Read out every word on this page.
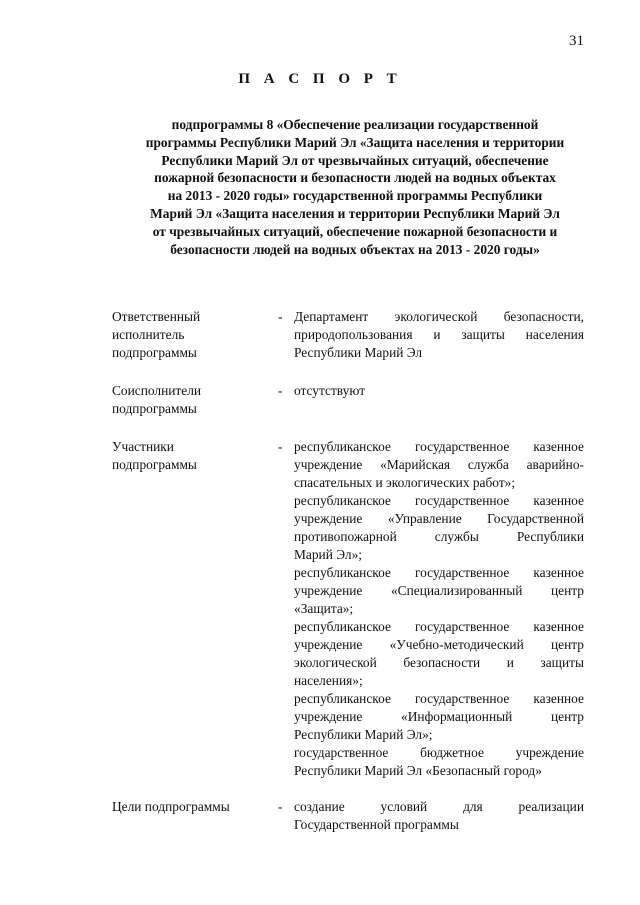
31
П А С П О Р Т
подпрограммы 8 «Обеспечение реализации государственной
программы Республики Марий Эл «Защита населения и территории
Республики Марий Эл от чрезвычайных ситуаций, обеспечение
пожарной безопасности и безопасности людей на водных объектах
на 2013 - 2020 годы» государственной программы Республики
Марий Эл «Защита населения и территории Республики Марий Эл
от чрезвычайных ситуаций, обеспечение пожарной безопасности и
безопасности людей на водных объектах на 2013 - 2020 годы»
Ответственный
исполнитель
подпрограммы
- Департамент экологической безопасности,
природопользования и защиты населения
Республики Марий Эл
Соисполнители
подпрограммы
- отсутствуют
Участники
подпрограммы
- республиканское государственное казенное
учреждение «Марийская служба аварийно-
спасательных и экологических работ»;
республиканское государственное казенное
учреждение «Управление Государственной
противопожарной службы Республики
Марий Эл»;
республиканское государственное казенное
учреждение «Специализированный центр
«Защита»;
республиканское государственное казенное
учреждение «Учебно-методический центр
экологической безопасности и защиты
населения»;
республиканское государственное казенное
учреждение «Информационный центр
Республики Марий Эл»;
государственное бюджетное учреждение
Республики Марий Эл «Безопасный город»
Цели подпрограммы	- создание условий для реализации
Государственной программы
